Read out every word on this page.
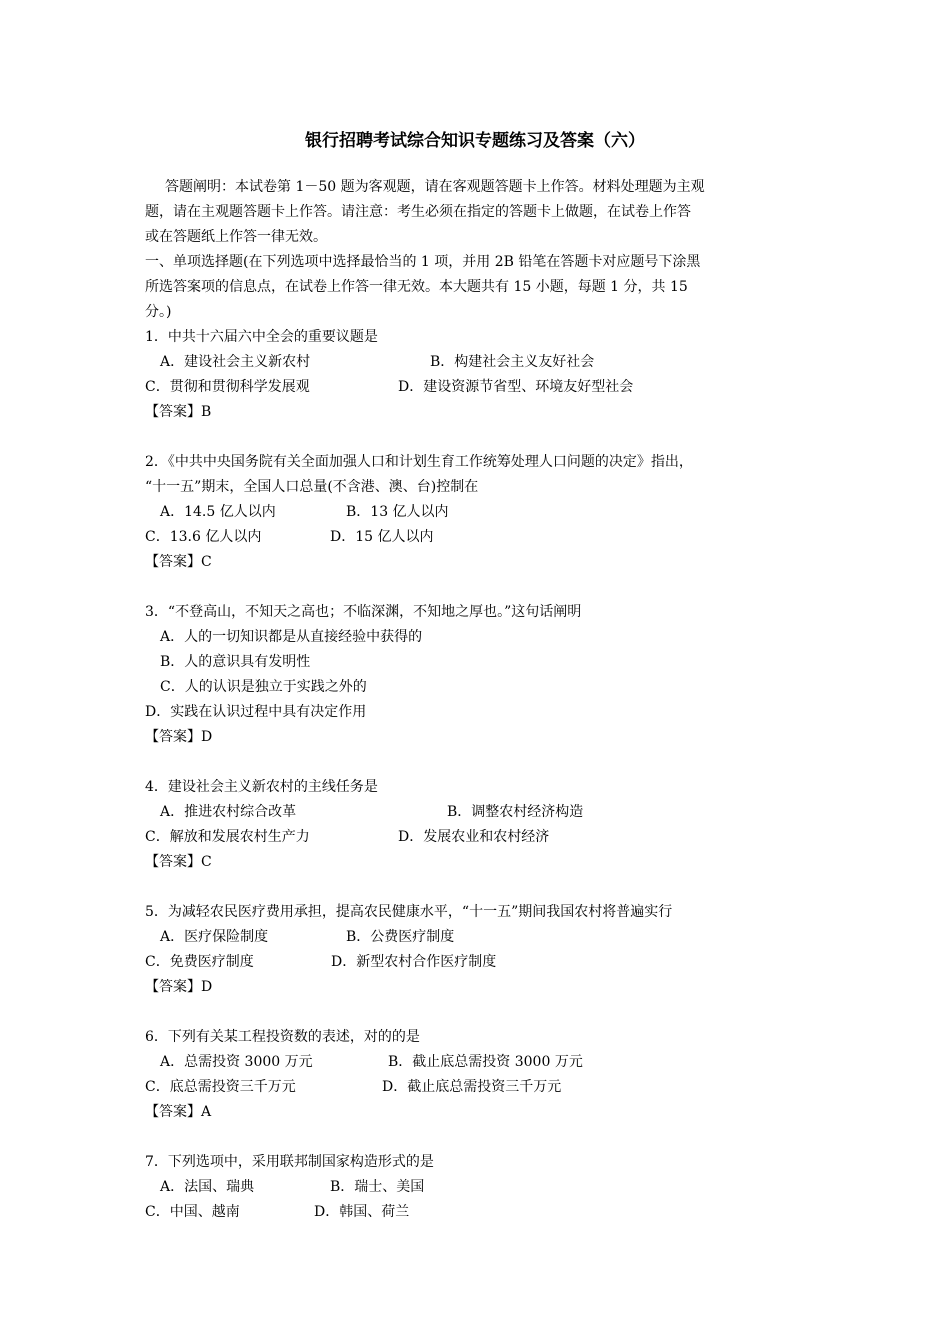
银行招聘考试综合知识专题练习及答案（六）
答题阐明：本试卷第 1－50 题为客观题，请在客观题答题卡上作答。材料处理题为主观
题，请在主观题答题卡上作答。请注意：考生必须在指定的答题卡上做题，在试卷上作答
或在答题纸上作答一律无效。
一、单项选择题(在下列选项中选择最恰当的 1 项，并用 2B 铅笔在答题卡对应题号下涂黑
所选答案项的信息点，在试卷上作答一律无效。本大题共有 15 小题，每题 1 分，共 15
分。)
1．中共十六届六中全会的重要议题是
A．建设社会主义新农村	B．构建社会主义友好社会
C．贯彻和贯彻科学发展观	D．建设资源节省型、环境友好型社会
【答案】B
2．《中共中央国务院有关全面加强人口和计划生育工作统筹处理人口问题的决定》指出，
“十一五”期末，全国人口总量(不含港、澳、台)控制在
A．14.5 亿人以内	B．13 亿人以内
C．13.6 亿人以内	D．15 亿人以内
【答案】C
3．“不登高山，不知天之高也；不临深渊，不知地之厚也。”这句话阐明
A．人的一切知识都是从直接经验中获得的
B．人的意识具有发明性
C．人的认识是独立于实践之外的
D．实践在认识过程中具有决定作用
【答案】D
4．建设社会主义新农村的主线任务是
A．推进农村综合改革	B．调整农村经济构造
C．解放和发展农村生产力	D．发展农业和农村经济
【答案】C
5．为减轻农民医疗费用承担，提高农民健康水平，“十一五”期间我国农村将普遍实行
A．医疗保险制度	B．公费医疗制度
C．免费医疗制度	D．新型农村合作医疗制度
【答案】D
6．下列有关某工程投资数的表述，对的的是
A．总需投资 3000 万元	B．截止底总需投资 3000 万元
C．底总需投资三千万元	D．截止底总需投资三千万元
【答案】A
7．下列选项中，采用联邦制国家构造形式的是
A．法国、瑞典	B．瑞士、美国
C．中国、越南	D．韩国、荷兰
